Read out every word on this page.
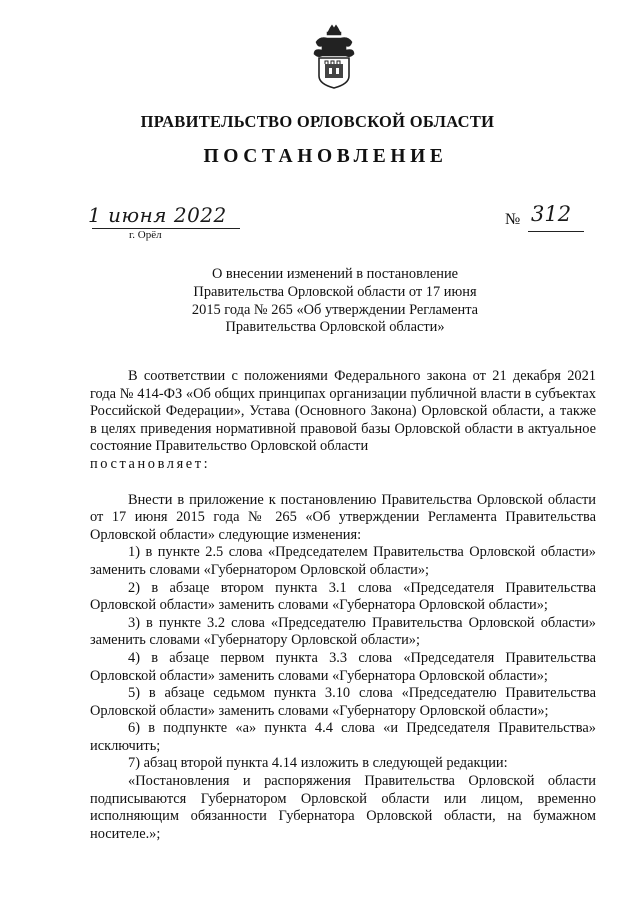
ПРАВИТЕЛЬСТВО ОРЛОВСКОЙ ОБЛАСТИ
ПОСТАНОВЛЕНИЕ
1 июня 2022
г. Орёл
№ 312
О внесении изменений в постановление
Правительства Орловской области от 17 июня
2015 года № 265 «Об утверждении Регламента
Правительства Орловской области»

В соответствии с положениями Федерального закона от 21 декабря 2021 года № 414-ФЗ «Об общих принципах организации публичной власти в субъектах Российской Федерации», Устава (Основного Закона) Орловской области, а также в целях приведения нормативной правовой базы Орловской области в актуальное состояние Правительство Орловской области

постановляет:

Внести в приложение к постановлению Правительства Орловской области от 17 июня 2015 года № 265 «Об утверждении Регламента Правительства Орловской области» следующие изменения:

1) в пункте 2.5 слова «Председателем Правительства Орловской области» заменить словами «Губернатором Орловской области»;

2) в абзаце втором пункта 3.1 слова «Председателя Правительства Орловской области» заменить словами «Губернатора Орловской области»;

3) в пункте 3.2 слова «Председателю Правительства Орловской области» заменить словами «Губернатору Орловской области»;

4) в абзаце первом пункта 3.3 слова «Председателя Правительства Орловской области» заменить словами «Губернатора Орловской области»;

5) в абзаце седьмом пункта 3.10 слова «Председателю Правительства Орловской области» заменить словами «Губернатору Орловской области»;

6) в подпункте «а» пункта 4.4 слова «и Председателя Правительства» исключить;

7) абзац второй пункта 4.14 изложить в следующей редакции:

«Постановления и распоряжения Правительства Орловской области подписываются Губернатором Орловской области или лицом, временно исполняющим обязанности Губернатора Орловской области, на бумажном носителе.»;
